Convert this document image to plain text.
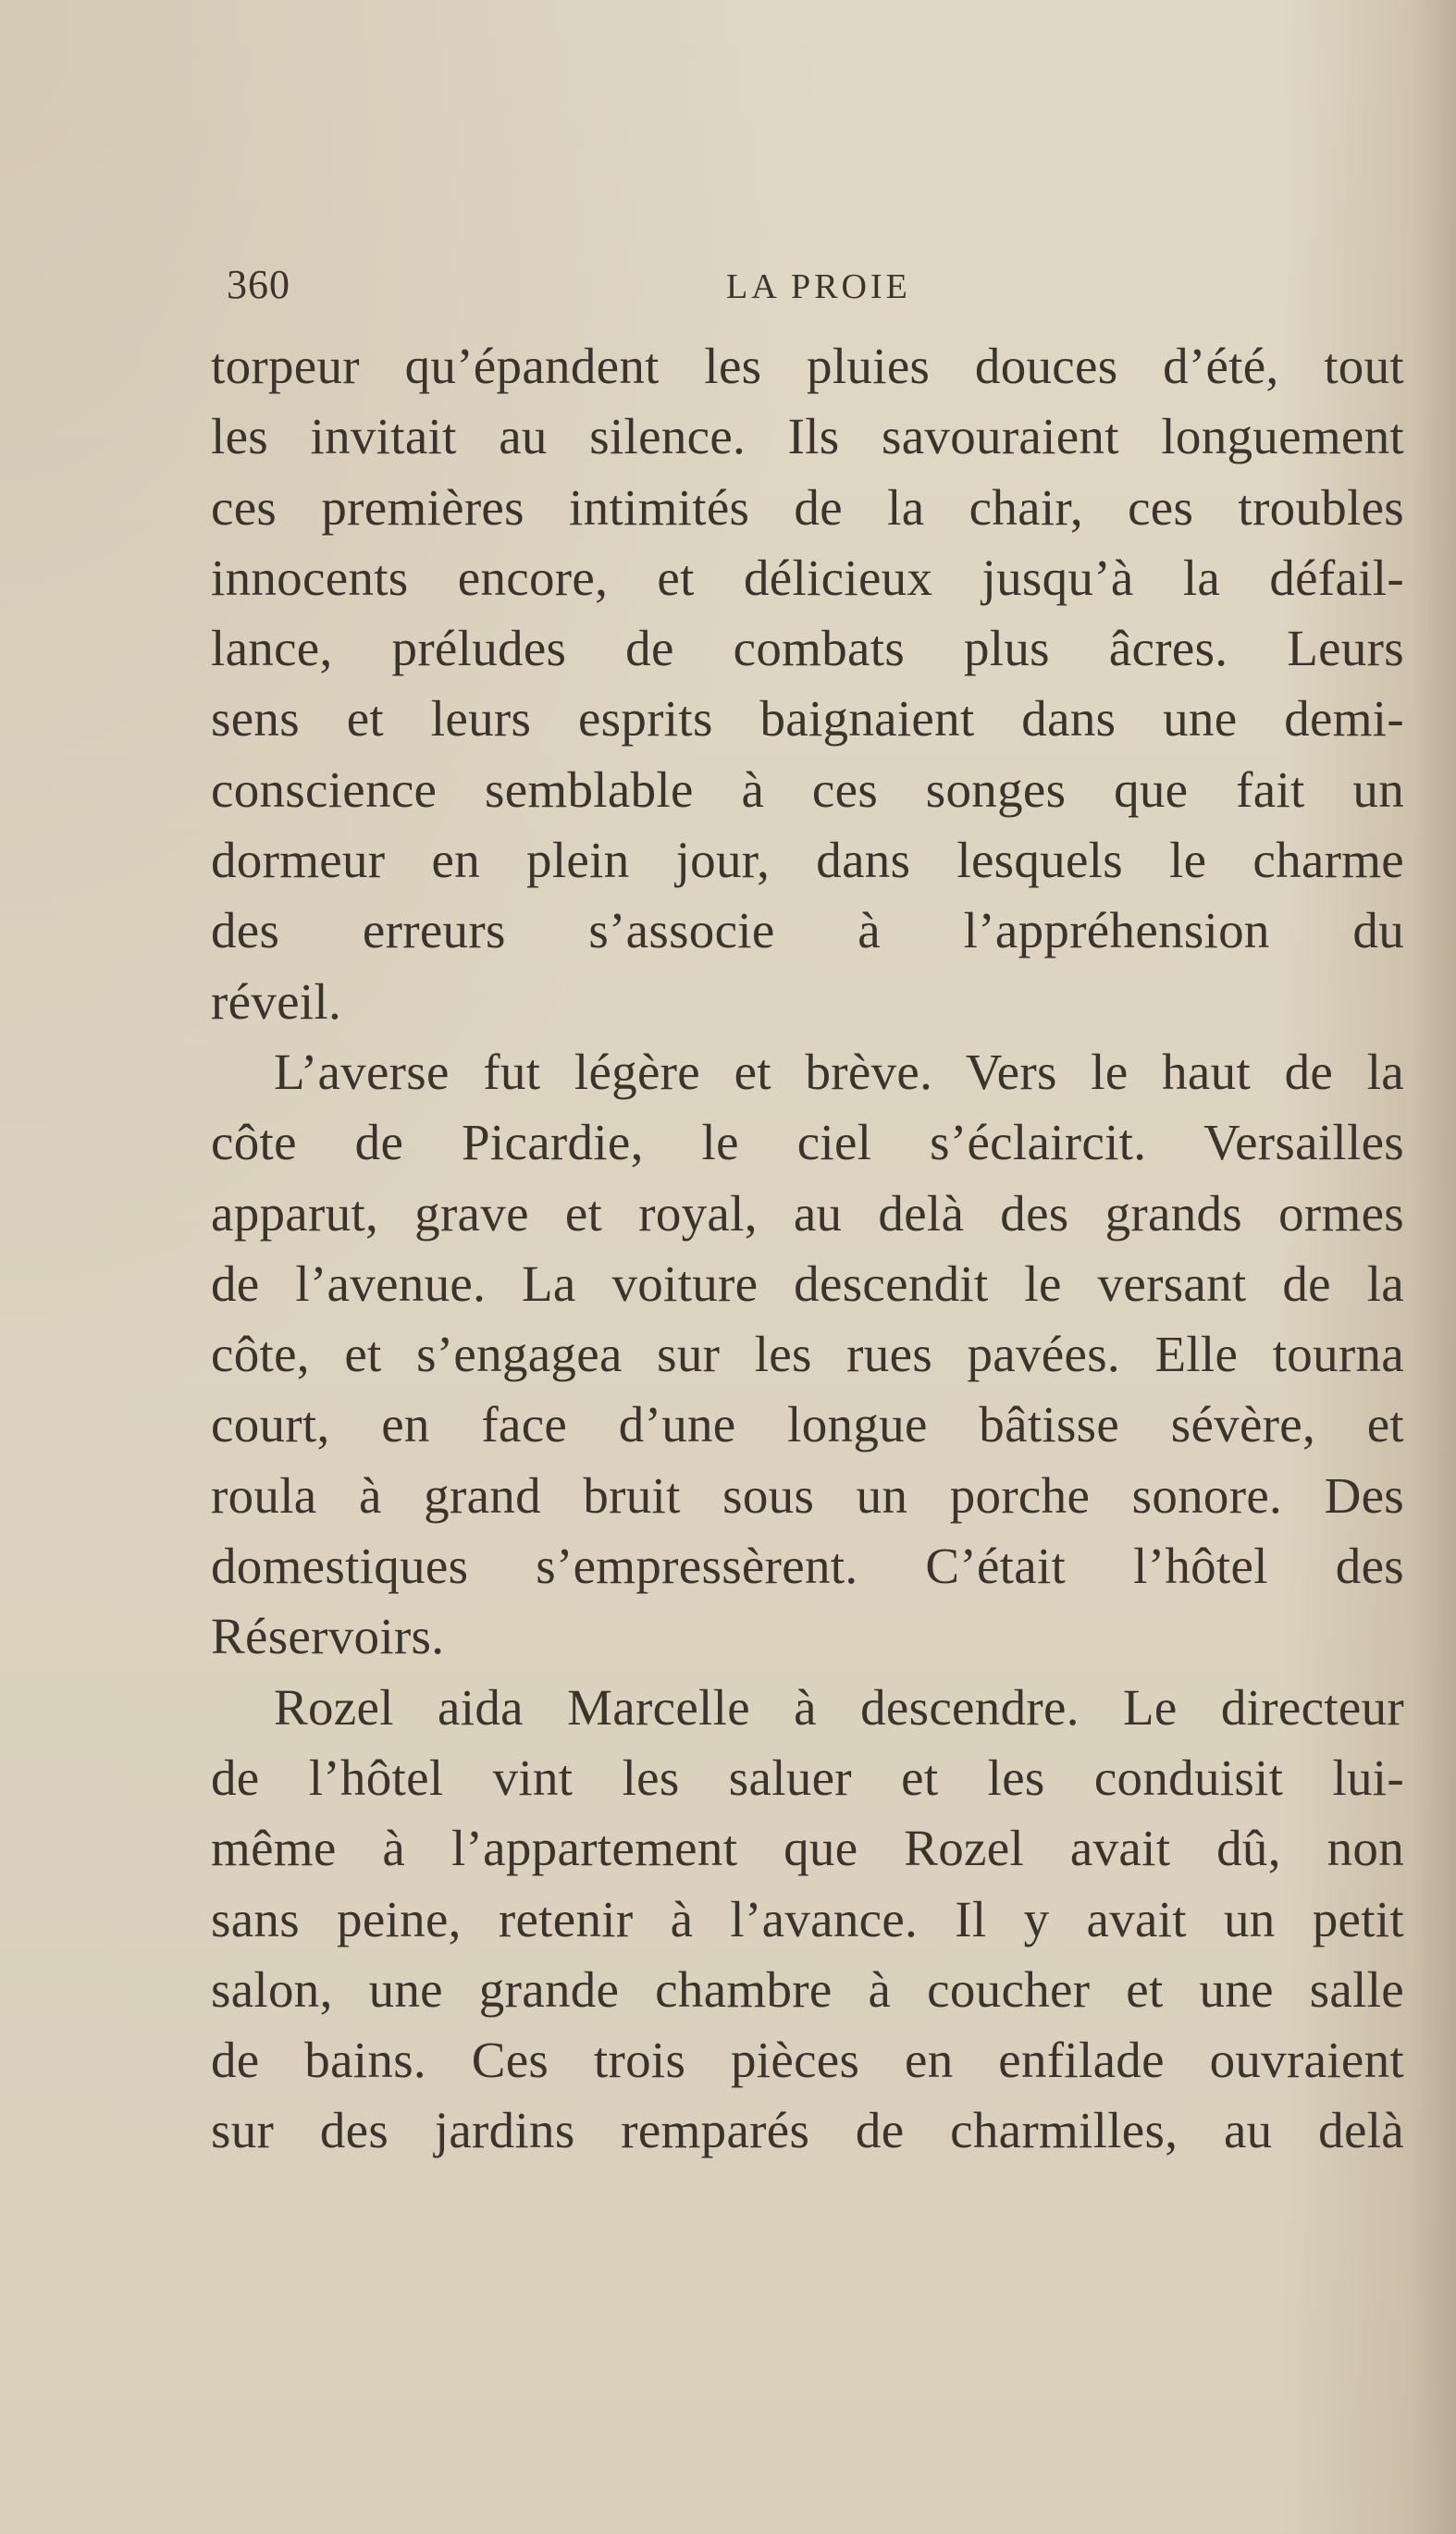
360	LA PROIE
torpeur qu’épandent les pluies douces d’été, tout
les invitait au silence. Ils savouraient longuement
ces premières intimités de la chair, ces troubles
innocents encore, et délicieux jusqu’à la défail-
lance, préludes de combats plus âcres. Leurs
sens et leurs esprits baignaient dans une demi-
conscience semblable à ces songes que fait un
dormeur en plein jour, dans lesquels le charme
des erreurs s’associe à l’appréhension du
réveil.
L’averse fut légère et brève. Vers le haut de la
côte de Picardie, le ciel s’éclaircit. Versailles
apparut, grave et royal, au delà des grands ormes
de l’avenue. La voiture descendit le versant de la
côte, et s’engagea sur les rues pavées. Elle tourna
court, en face d’une longue bâtisse sévère, et
roula à grand bruit sous un porche sonore. Des
domestiques s’empressèrent. C’était l’hôtel des
Réservoirs.
Rozel aida Marcelle à descendre. Le directeur
de l’hôtel vint les saluer et les conduisit lui-
même à l’appartement que Rozel avait dû, non
sans peine, retenir à l’avance. Il y avait un petit
salon, une grande chambre à coucher et une salle
de bains. Ces trois pièces en enfilade ouvraient
sur des jardins remparés de charmilles, au delà
